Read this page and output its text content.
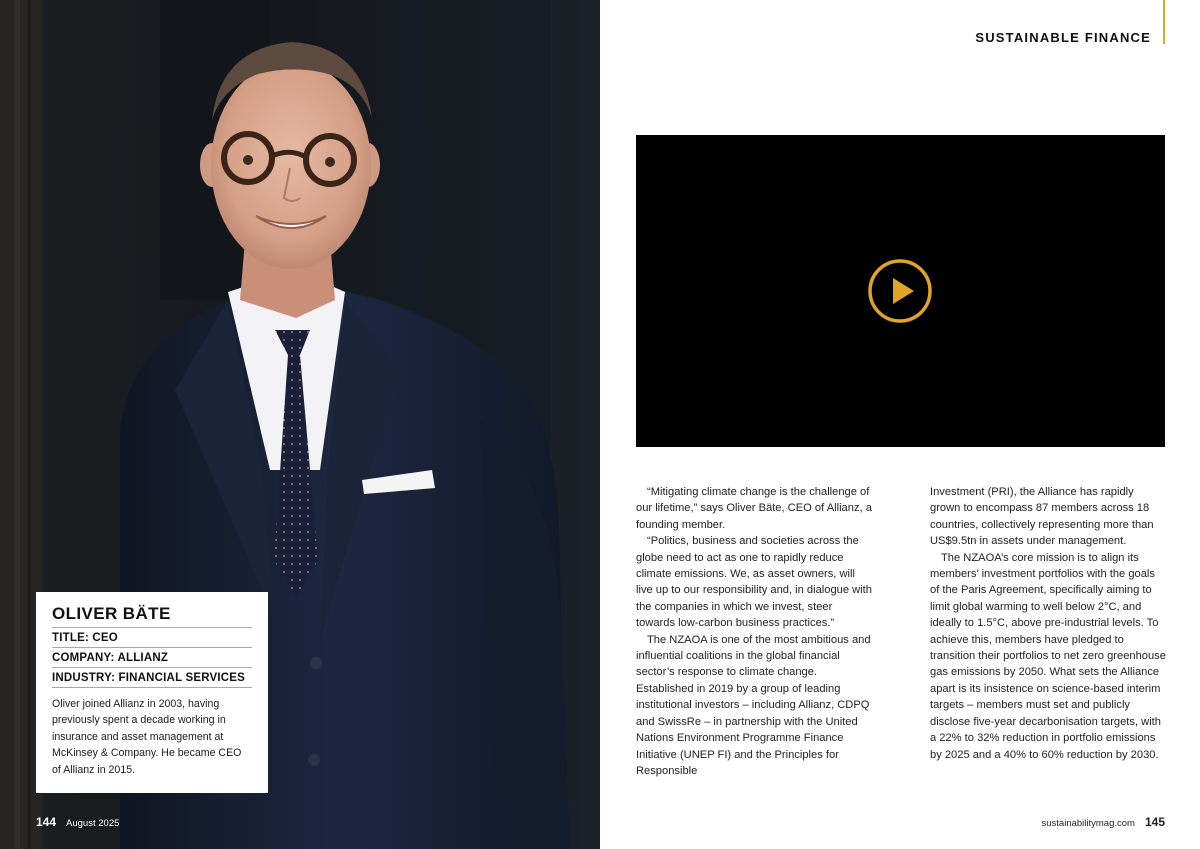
OLIVER BÄTE
TITLE: CEO
COMPANY: ALLIANZ
INDUSTRY: FINANCIAL SERVICES
Oliver joined Allianz in 2003, having previously spent a decade working in insurance and asset management at McKinsey & Company. He became CEO of Allianz in 2015.
144 August 2025
SUSTAINABLE FINANCE

“Mitigating climate change is the challenge of our lifetime,” says Oliver Bäte, CEO of Allianz, a founding member.

“Politics, business and societies across the globe need to act as one to rapidly reduce climate emissions. We, as asset owners, will live up to our responsibility and, in dialogue with the companies in which we invest, steer towards low-carbon business practices.”

The NZAOA is one of the most ambitious and influential coalitions in the global financial sector’s response to climate change. Established in 2019 by a group of leading institutional investors – including Allianz, CDPQ and SwissRe – in partnership with the United Nations Environment Programme Finance Initiative (UNEP FI) and the Principles for Responsible

Investment (PRI), the Alliance has rapidly grown to encompass 87 members across 18 countries, collectively representing more than US$9.5tn in assets under management.

The NZAOA’s core mission is to align its members’ investment portfolios with the goals of the Paris Agreement, specifically aiming to limit global warming to well below 2°C, and ideally to 1.5°C, above pre-industrial levels. To achieve this, members have pledged to transition their portfolios to net zero greenhouse gas emissions by 2050. What sets the Alliance apart is its insistence on science-based interim targets – members must set and publicly disclose five-year decarbonisation targets, with a 22% to 32% reduction in portfolio emissions by 2025 and a 40% to 60% reduction by 2030.

sustainabilitymag.com 145
